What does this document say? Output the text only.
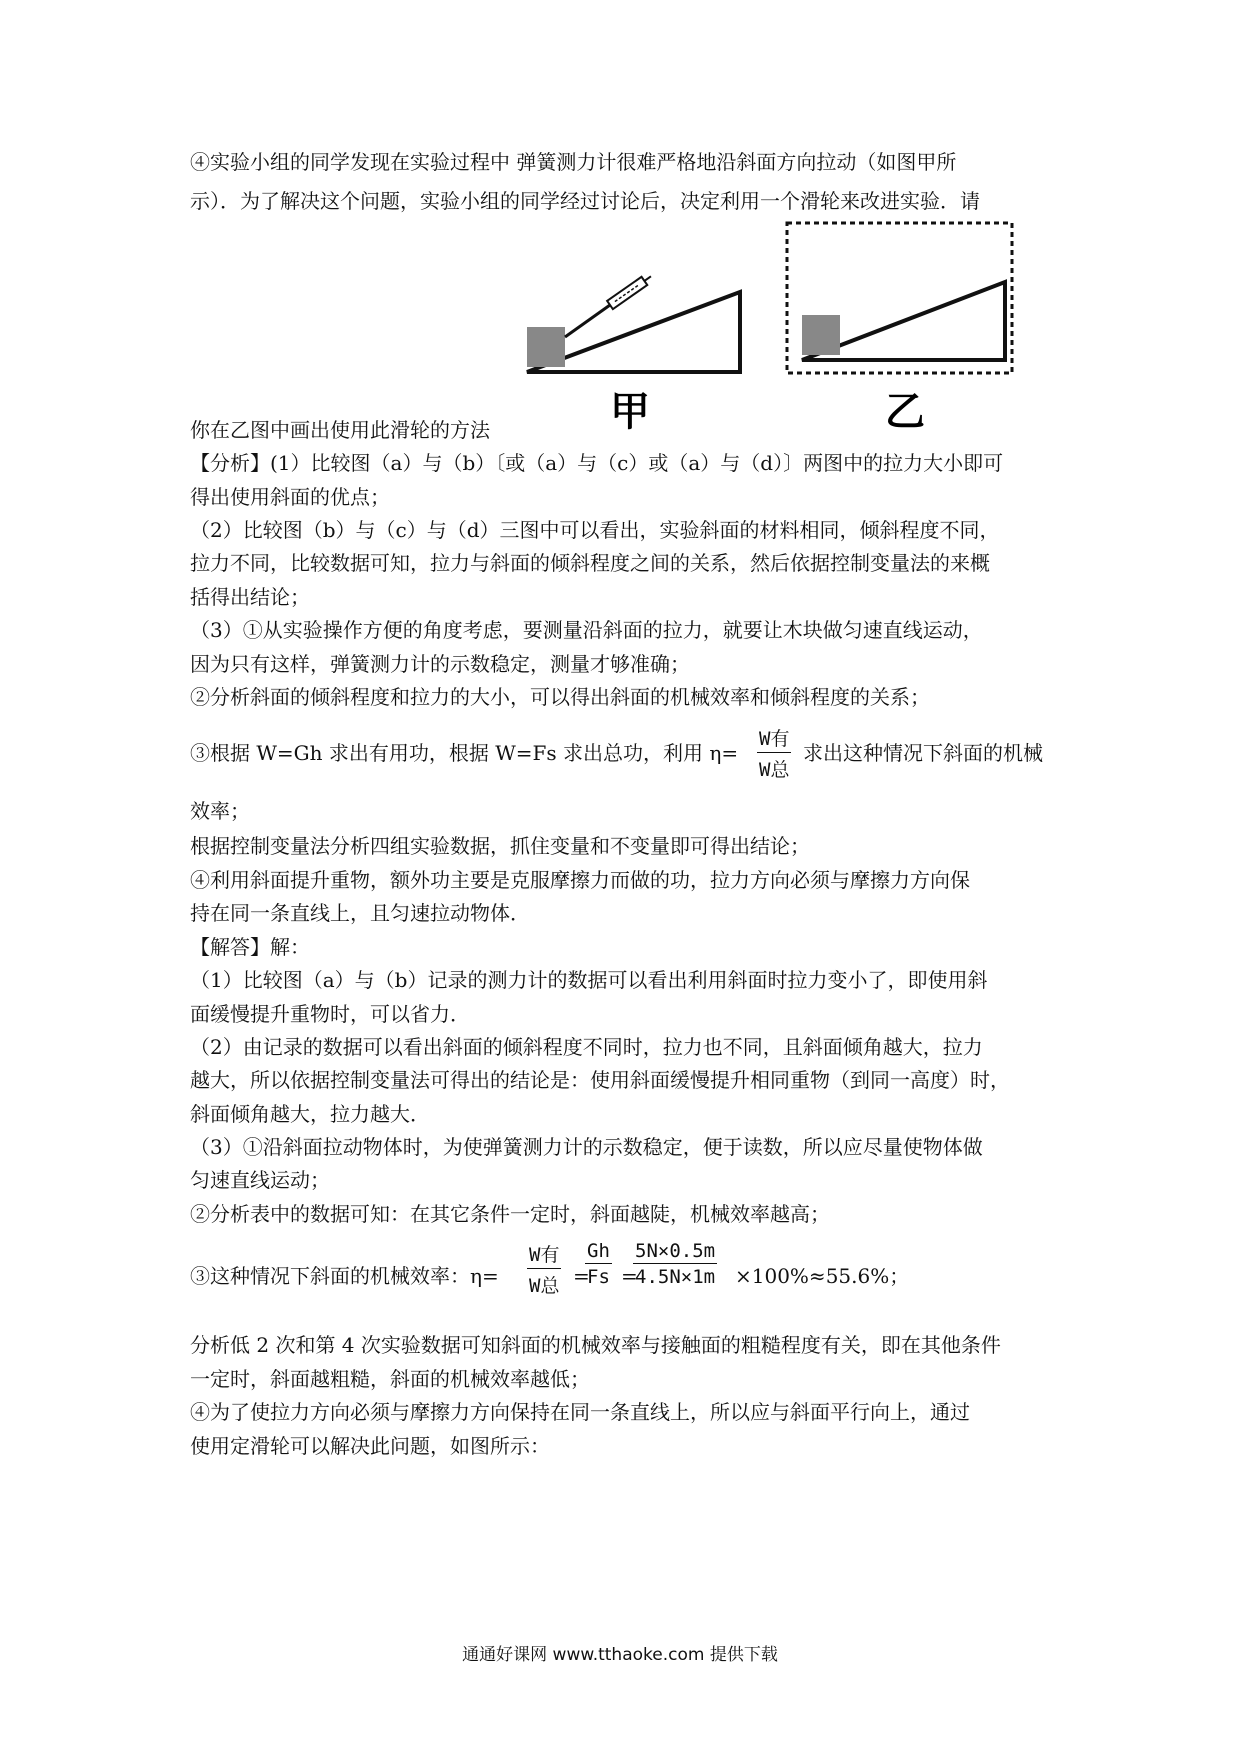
④实验小组的同学发现在实验过程中 弹簧测力计很难严格地沿斜面方向拉动（如图甲所
示）．为了解决这个问题，实验小组的同学经过讨论后，决定利用一个滑轮来改进实验．请
甲	乙
你在乙图中画出使用此滑轮的方法
【分析】(1）比较图（a）与（b）〔或（a）与（c）或（a）与（d）〕两图中的拉力大小即可
得出使用斜面的优点；
（2）比较图（b）与（c）与（d）三图中可以看出，实验斜面的材料相同，倾斜程度不同，
拉力不同，比较数据可知，拉力与斜面的倾斜程度之间的关系，然后依据控制变量法的来概
括得出结论；
（3）①从实验操作方便的角度考虑，要测量沿斜面的拉力，就要让木块做匀速直线运动，
因为只有这样，弹簧测力计的示数稳定，测量才够准确；
②分析斜面的倾斜程度和拉力的大小，可以得出斜面的机械效率和倾斜程度的关系；
③根据 W=Gh 求出有用功，根据 W=Fs 求出总功，利用 η=
W有
W总
求出这种情况下斜面的机械
效率；
根据控制变量法分析四组实验数据，抓住变量和不变量即可得出结论；
④利用斜面提升重物，额外功主要是克服摩擦力而做的功，拉力方向必须与摩擦力方向保
持在同一条直线上，且匀速拉动物体．
【解答】解：
（1）比较图（a）与（b）记录的测力计的数据可以看出利用斜面时拉力变小了，即使用斜
面缓慢提升重物时，可以省力．
（2）由记录的数据可以看出斜面的倾斜程度不同时，拉力也不同，且斜面倾角越大，拉力
越大，所以依据控制变量法可得出的结论是：使用斜面缓慢提升相同重物（到同一高度）时，
斜面倾角越大，拉力越大．
（3）①沿斜面拉动物体时，为使弹簧测力计的示数稳定，便于读数，所以应尽量使物体做
匀速直线运动；
②分析表中的数据可知：在其它条件一定时，斜面越陡，机械效率越高；
③这种情况下斜面的机械效率：η=
W有
W总 =
$\frac{Gh}{Fs}$ =
$\frac{5N\times 0.5m}{4.5N\times 1m} \times 100\%\approx 55.6\%$；
分析低 2 次和第 4 次实验数据可知斜面的机械效率与接触面的粗糙程度有关，即在其他条件
一定时，斜面越粗糙，斜面的机械效率越低；
④为了使拉力方向必须与摩擦力方向保持在同一条直线上，所以应与斜面平行向上，通过
使用定滑轮可以解决此问题，如图所示：
通通好课网 www.tthaoke.com 提供下载
